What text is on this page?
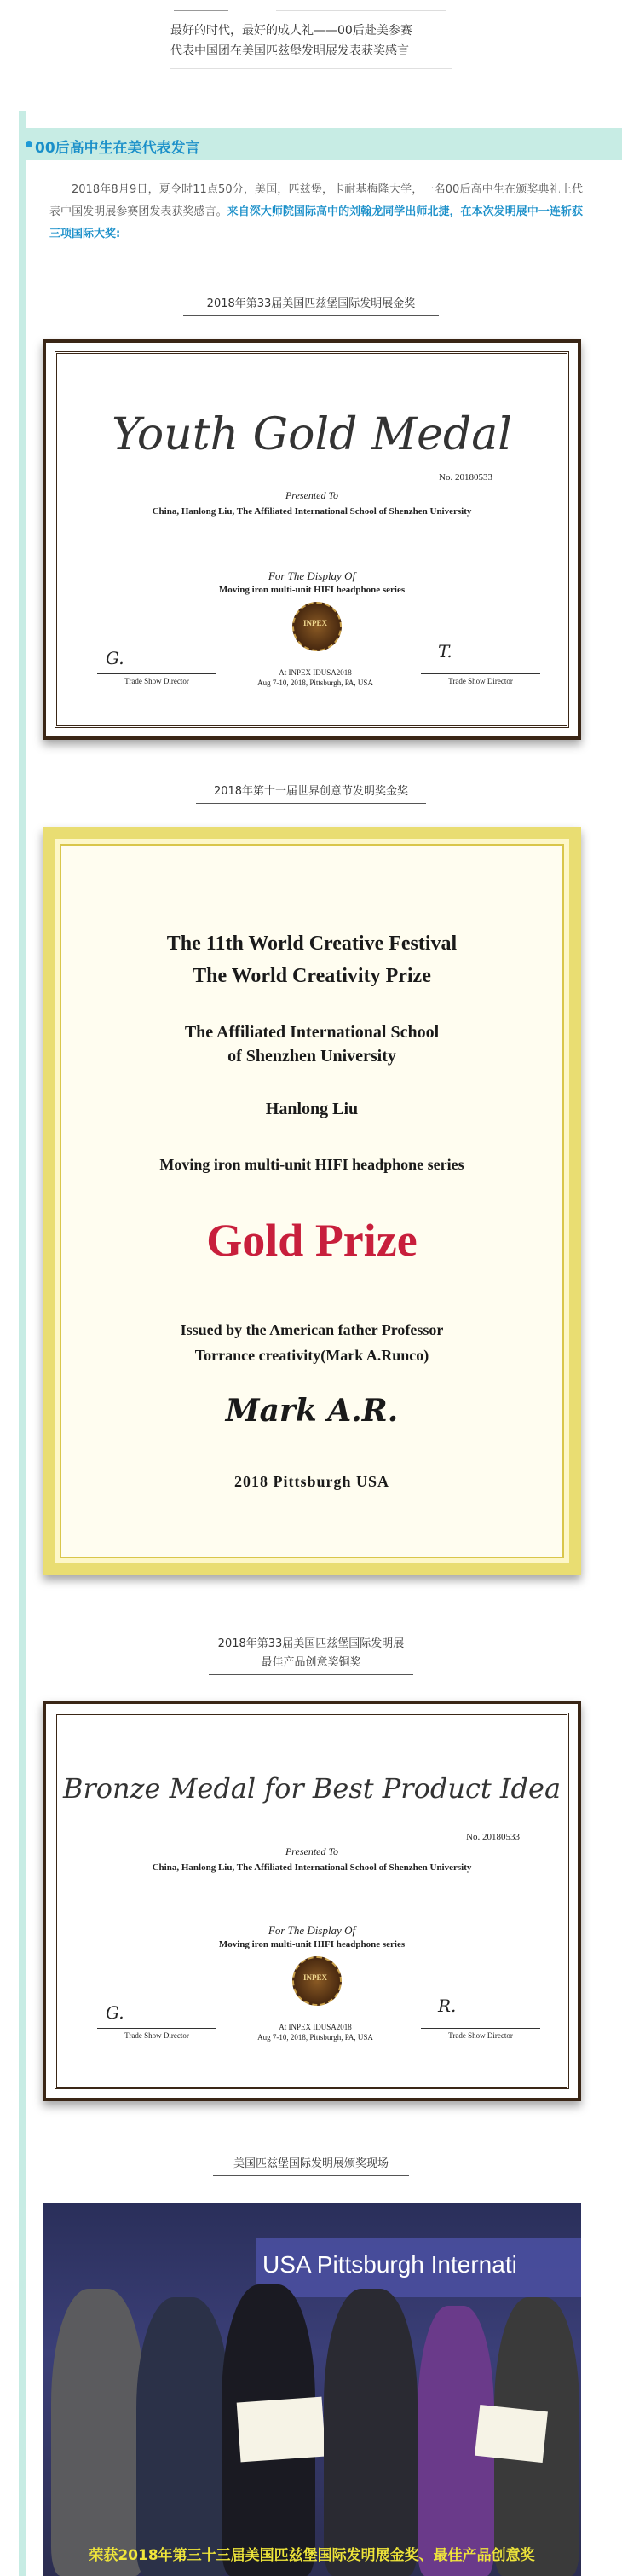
最好的时代，最好的成人礼——00后赴美参赛
代表中国团在美国匹兹堡发明展发表获奖感言
00后高中生在美代表发言
2018年8月9日，夏令时11点50分，美国，匹兹堡，卡耐基梅隆大学，一名00后高中生在颁奖典礼上代表中国发明展参赛团发表获奖感言。来自深大师院国际高中的刘翰龙同学出师北捷，在本次发明展中一连斩获三项国际大奖:
2018年第33届美国匹兹堡国际发明展金奖
Youth Gold Medal
No. 20180533
Presented To
China, Hanlong Liu, The Affiliated International School of Shenzhen University
For The Display Of
Moving iron multi-unit HIFI headphone series
INPEX
G.
Trade Show Director
T.
Trade Show Director
At INPEX IDUSA2018
Aug 7-10, 2018, Pittsburgh, PA, USA
2018年第十一届世界创意节发明奖金奖
The 11th World Creative Festival
The World Creativity Prize
The Affiliated International School
of Shenzhen University
Hanlong Liu
Moving iron multi-unit HIFI headphone series
Gold Prize
Issued by the American father Professor
Torrance creativity(Mark A.Runco)
Mark A.R.
2018 Pittsburgh USA
2018年第33届美国匹兹堡国际发明展
最佳产品创意奖铜奖
Bronze Medal for Best Product Idea
No. 20180533
Presented To
China, Hanlong Liu, The Affiliated International School of Shenzhen University
For The Display Of
Moving iron multi-unit HIFI headphone series
INPEX
G.
Trade Show Director
R.
Trade Show Director
At INPEX IDUSA2018
Aug 7-10, 2018, Pittsburgh, PA, USA
美国匹兹堡国际发明展颁奖现场
USA Pittsburgh Internati
荣获2018年第三十三届美国匹兹堡国际发明展金奖、最佳产品创意奖
